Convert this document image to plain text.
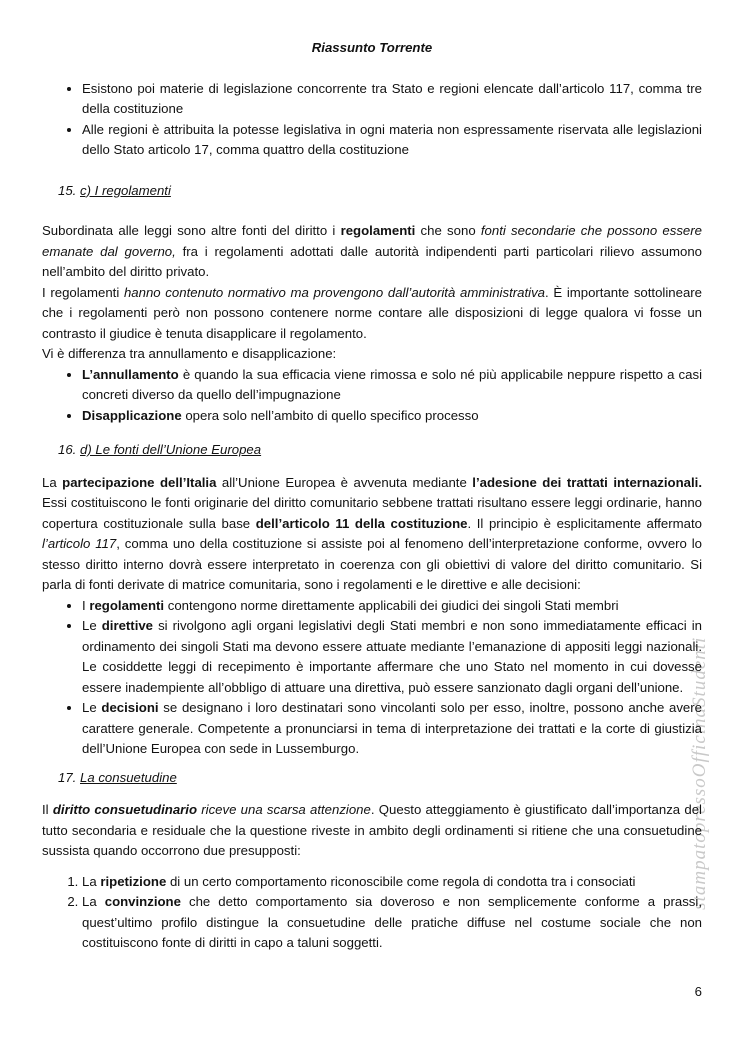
stampatopressoOfficinaStudenti
Riassunto Torrente
• Esistono poi materie di legislazione concorrente tra Stato e regioni elencate dall’articolo 117, comma tre della costituzione
• Alle regioni è attribuita la potesse legislativa in ogni materia non espressamente riservata alle legislazioni dello Stato articolo 17, comma quattro della costituzione
15. c) I regolamenti

Subordinata alle leggi sono altre fonti del diritto i regolamenti che sono fonti secondarie che possono essere emanate dal governo, fra i regolamenti adottati dalle autorità indipendenti parti particolari rilievo assumono nell’ambito del diritto privato.

I regolamenti hanno contenuto normativo ma provengono dall’autorità amministrativa. È importante sottolineare che i regolamenti però non possono contenere norme contare alle disposizioni di legge qualora vi fosse un contrasto il giudice è tenuta disapplicare il regolamento.

Vi è differenza tra annullamento e disapplicazione:

• L’annullamento è quando la sua efficacia viene rimossa e solo né più applicabile neppure rispetto a casi concreti diverso da quello dell’impugnazione
• Disapplicazione opera solo nell’ambito di quello specifico processo
16. d) Le fonti dell’Unione Europea

La partecipazione dell’Italia all’Unione Europea è avvenuta mediante l’adesione dei trattati internazionali. Essi costituiscono le fonti originarie del diritto comunitario sebbene trattati risultano essere leggi ordinarie, hanno copertura costituzionale sulla base dell’articolo 11 della costituzione. Il principio è esplicitamente affermato l’articolo 117, comma uno della costituzione si assiste poi al fenomeno dell’interpretazione conforme, ovvero lo stesso diritto interno dovrà essere interpretato in coerenza con gli obiettivi di valore del diritto comunitario. Si parla di fonti derivate di matrice comunitaria, sono i regolamenti e le direttive e alle decisioni:

• I regolamenti contengono norme direttamente applicabili dei giudici dei singoli Stati membri
• Le direttive si rivolgono agli organi legislativi degli Stati membri e non sono immediatamente efficaci in ordinamento dei singoli Stati ma devono essere attuate mediante l’emanazione di appositi leggi nazionali. Le cosiddette leggi di recepimento è importante affermare che uno Stato nel momento in cui dovesse essere inadempiente all’obbligo di attuare una direttiva, può essere sanzionato dagli organi dell’unione.
• Le decisioni se designano i loro destinatari sono vincolanti solo per esso, inoltre, possono anche avere carattere generale. Competente a pronunciarsi in tema di interpretazione dei trattati e la corte di giustizia dell’Unione Europea con sede in Lussemburgo.
17. La consuetudine

Il diritto consuetudinario riceve una scarsa attenzione. Questo atteggiamento è giustificato dall’importanza del tutto secondaria e residuale che la questione riveste in ambito degli ordinamenti si ritiene che una consuetudine sussista quando occorrono due presupposti:

1. La ripetizione di un certo comportamento riconoscibile come regola di condotta tra i consociati
2. La convinzione che detto comportamento sia doveroso e non semplicemente conforme a prassi, quest’ultimo profilo distingue la consuetudine delle pratiche diffuse nel costume sociale che non costituiscono fonte di diritti in capo a taluni soggetti.
6
